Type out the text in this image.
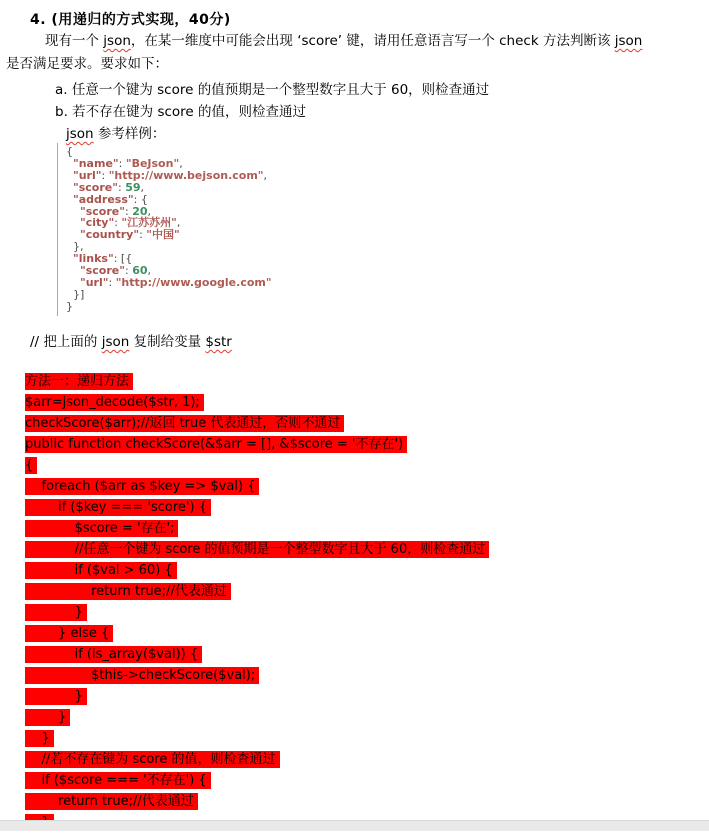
4. (用递归的方式实现，40分)
现有一个 json，在某一维度中可能会出现 ‘score’ 键，请用任意语言写一个 check 方法判断该 json
是否满足要求。要求如下：
a. 任意一个键为 score 的值预期是一个整型数字且大于 60，则检查通过
b. 若不存在键为 score 的值，则检查通过
json 参考样例：
{
"name": "BeJson",
"url": "http://www.bejson.com",
"score": 59,
"address": {
"score": 20,
"city": "江苏苏州",
"country": "中国"
},
"links": [{
"score": 60,
"url": "http://www.google.com"
}]
}
// 把上面的 json 复制给变量 $str
方法一：递归方法
$arr=json_decode($str, 1);
checkScore($arr);//返回 true 代表通过，否则不通过
public function checkScore(&$arr = [], &$score = '不存在')
{
foreach ($arr as $key => $val) {
if ($key === 'score') {
$score = '存在';
//任意一个键为 score 的值预期是一个整型数字且大于 60，则检查通过
if ($val > 60) {
return true;//代表通过
}
} else {
if (is_array($val)) {
$this->checkScore($val);
}
}
}
//若不存在键为 score 的值，则检查通过
if ($score === '不存在') {
return true;//代表通过
